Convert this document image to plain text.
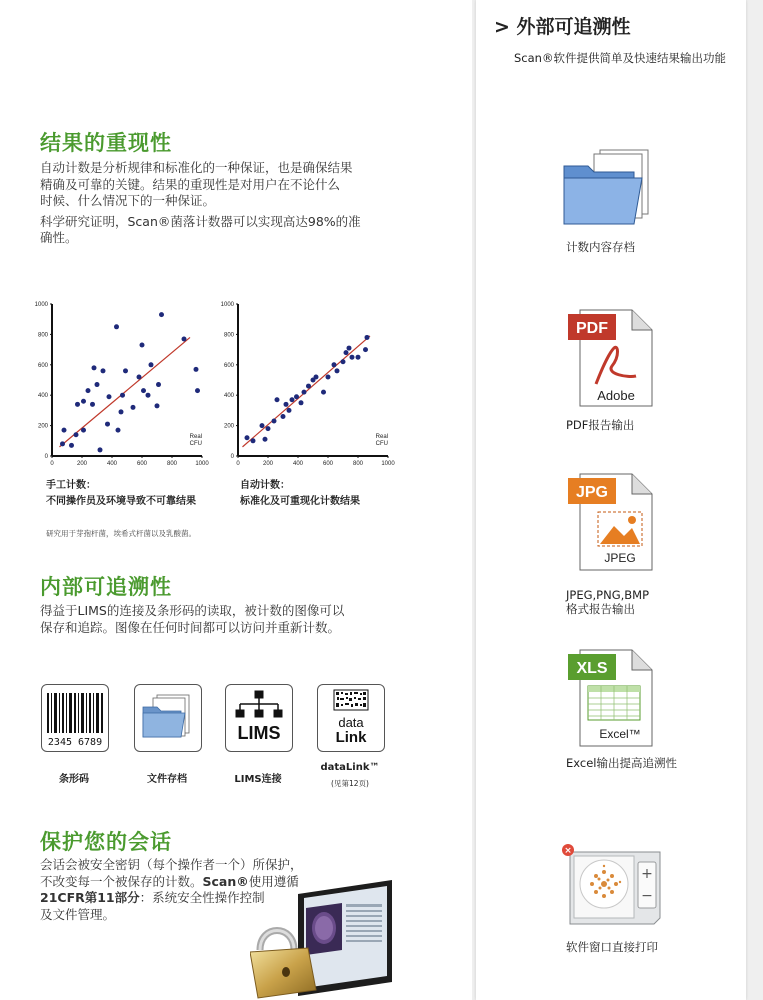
结果的重现性
自动计数是分析规律和标准化的一种保证，也是确保结果
精确及可靠的关键。结果的重现性是对用户在不论什么
时候、什么情况下的一种保证。
科学研究证明，Scan®菌落计数器可以实现高达98%的准
确性。
0
0
200
200
400
400
600
600
800
800
1000
1000
Real
CFU
手工计数：
不同操作员及环境导致不可靠结果
0
0
200
200
400
400
600
600
800
800
1000
1000
Real
CFU
自动计数：
标准化及可重现化计数结果
研究用于芽孢杆菌，埃希式杆菌以及乳酸菌。
内部可追溯性
得益于LIMS的连接及条形码的读取，被计数的图像可以
保存和追踪。图像在任何时间都可以访问并重新计数。
2345 6789
条形码	文件存档
LIMS
LIMS连接
data
Link
dataLink™
(见第12页)
保护您的会话
会话会被安全密钥（每个操作者一个）所保护，
不改变每一个被保存的计数。Scan®使用遵循
21CFR第11部分：系统安全性操作控制
及文件管理。
> 外部可追溯性
Scan®软件提供简单及快速结果输出功能
计数内容存档
PDF
Adobe
PDF报告输出
JPG
JPEG
JPEG,PNG,BMP
格式报告输出
XLS
Excel™
Excel输出提高追溯性
+
−
×
软件窗口直接打印
